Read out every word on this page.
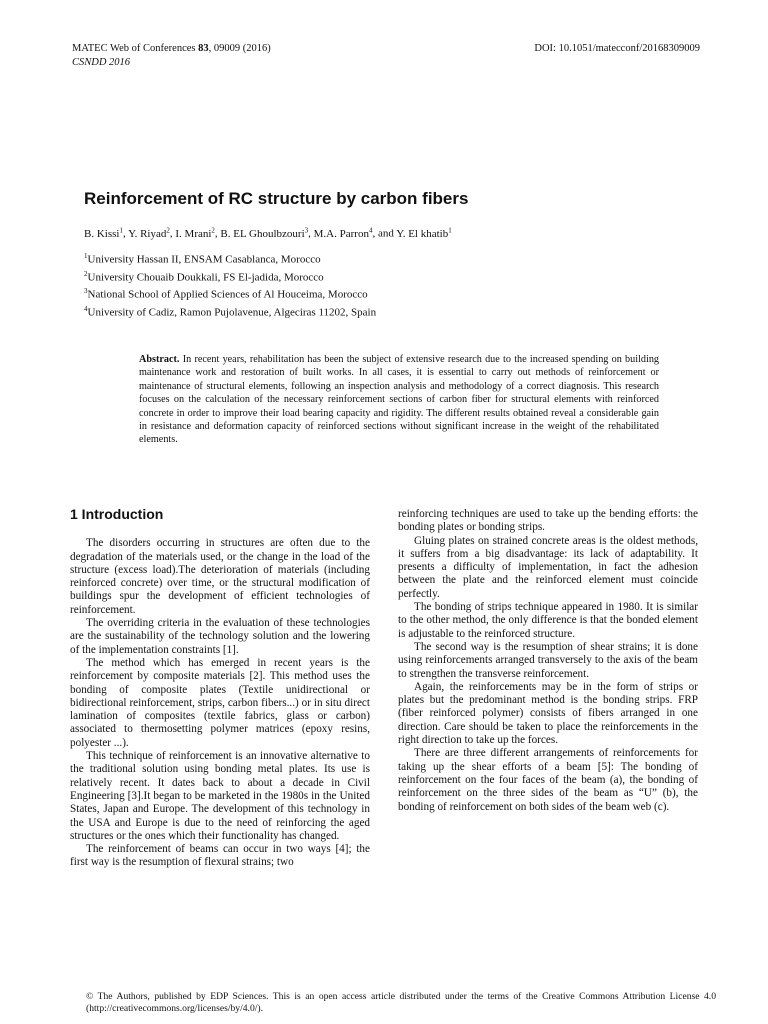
MATEC Web of Conferences 83, 09009 (2016)
CSNDD 2016
DOI: 10.1051/matecconf/20168309009
Reinforcement of RC structure by carbon fibers
B. Kissi$^1$, Y. Riyad$^2$, I. Mrani$^2$, B. EL Ghoulbzouri$^3$, M.A. Parron$^4$, and Y. El khatib$^1$
$^1$University Hassan II, ENSAM Casablanca, Morocco
$^2$University Chouaib Doukkali, FS El-jadida, Morocco
$^3$National School of Applied Sciences of Al Houceima, Morocco
$^4$University of Cadiz, Ramon Pujolavenue, Algeciras 11202, Spain
Abstract. In recent years, rehabilitation has been the subject of extensive research due to the increased spending on building maintenance work and restoration of built works. In all cases, it is essential to carry out methods of reinforcement or maintenance of structural elements, following an inspection analysis and methodology of a correct diagnosis. This research focuses on the calculation of the necessary reinforcement sections of carbon fiber for structural elements with reinforced concrete in order to improve their load bearing capacity and rigidity. The different results obtained reveal a considerable gain in resistance and deformation capacity of reinforced sections without significant increase in the weight of the rehabilitated elements.
1 Introduction

The disorders occurring in structures are often due to the degradation of the materials used, or the change in the load of the structure (excess load).The deterioration of materials (including reinforced concrete) over time, or the structural modification of buildings spur the development of efficient technologies of reinforcement.

The overriding criteria in the evaluation of these technologies are the sustainability of the technology solution and the lowering of the implementation constraints [1].

The method which has emerged in recent years is the reinforcement by composite materials [2]. This method uses the bonding of composite plates (Textile unidirectional or bidirectional reinforcement, strips, carbon fibers...) or in situ direct lamination of composites (textile fabrics, glass or carbon) associated to thermosetting polymer matrices (epoxy resins, polyester ...).

This technique of reinforcement is an innovative alternative to the traditional solution using bonding metal plates. Its use is relatively recent. It dates back to about a decade in Civil Engineering [3].It began to be marketed in the 1980s in the United States, Japan and Europe. The development of this technology in the USA and Europe is due to the need of reinforcing the aged structures or the ones which their functionality has changed.

The reinforcement of beams can occur in two ways [4]; the first way is the resumption of flexural strains; two

reinforcing techniques are used to take up the bending efforts: the bonding plates or bonding strips.

Gluing plates on strained concrete areas is the oldest methods, it suffers from a big disadvantage: its lack of adaptability. It presents a difficulty of implementation, in fact the adhesion between the plate and the reinforced element must coincide perfectly.

The bonding of strips technique appeared in 1980. It is similar to the other method, the only difference is that the bonded element is adjustable to the reinforced structure.

The second way is the resumption of shear strains; it is done using reinforcements arranged transversely to the axis of the beam to strengthen the transverse reinforcement.

Again, the reinforcements may be in the form of strips or plates but the predominant method is the bonding strips. FRP (fiber reinforced polymer) consists of fibers arranged in one direction. Care should be taken to place the reinforcements in the right direction to take up the forces.

There are three different arrangements of reinforcements for taking up the shear efforts of a beam [5]: The bonding of reinforcement on the four faces of the beam (a), the bonding of reinforcement on the three sides of the beam as “U” (b), the bonding of reinforcement on both sides of the beam web (c).

© The Authors, published by EDP Sciences. This is an open access article distributed under the terms of the Creative Commons Attribution License 4.0 (http://creativecommons.org/licenses/by/4.0/).
